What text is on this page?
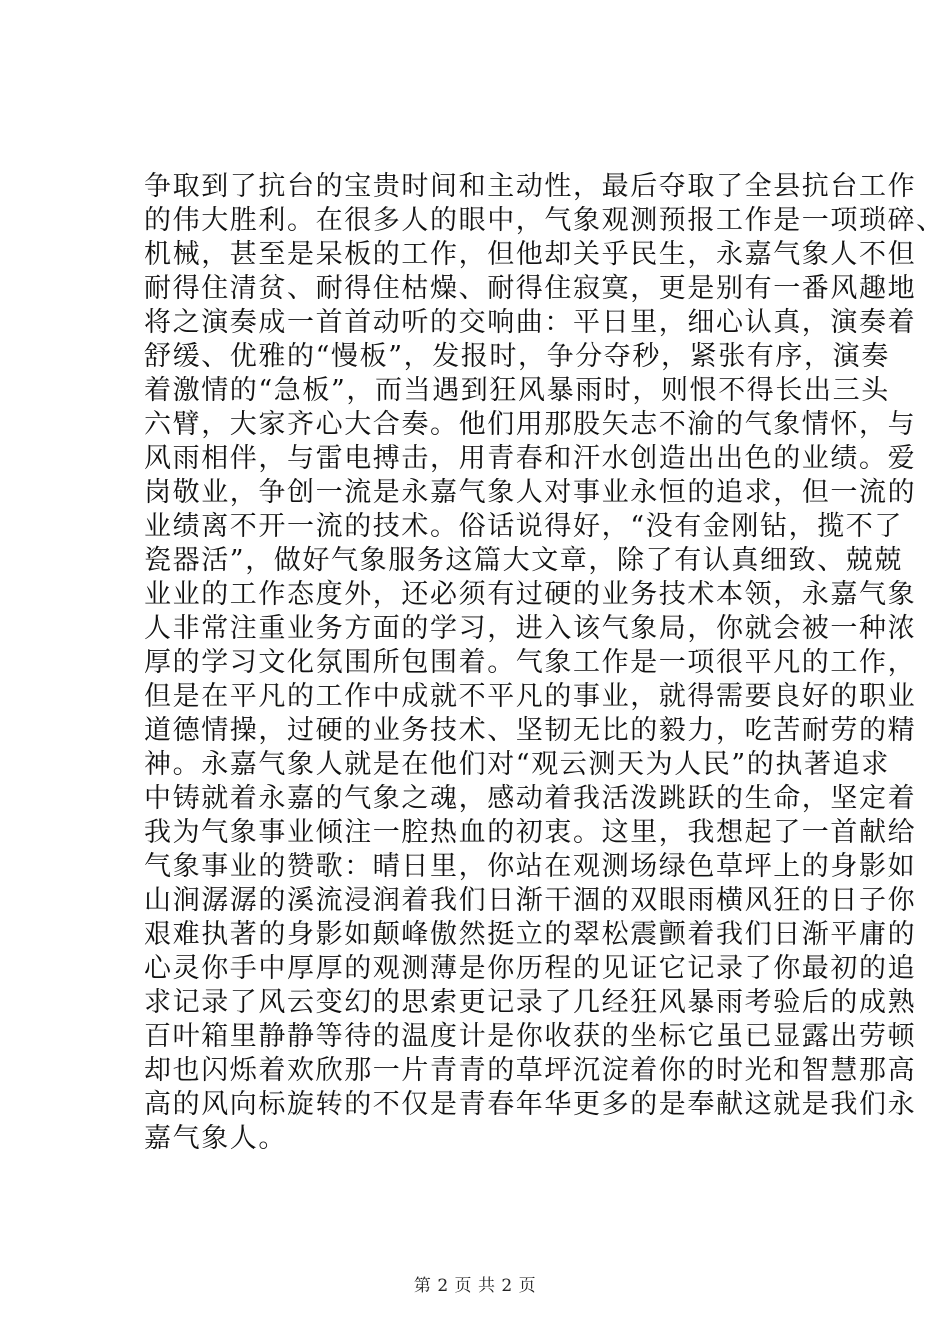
争取到了抗台的宝贵时间和主动性，最后夺取了全县抗台工作
的伟大胜利。在很多人的眼中，气象观测预报工作是一项琐碎、
机械，甚至是呆板的工作，但他却关乎民生，永嘉气象人不但
耐得住清贫、耐得住枯燥、耐得住寂寞，更是别有一番风趣地
将之演奏成一首首动听的交响曲：平日里，细心认真，演奏着
舒缓、优雅的“慢板”，发报时，争分夺秒，紧张有序，演奏
着激情的“急板”，而当遇到狂风暴雨时，则恨不得长出三头
六臂，大家齐心大合奏。他们用那股矢志不渝的气象情怀，与
风雨相伴，与雷电搏击，用青春和汗水创造出出色的业绩。爱
岗敬业，争创一流是永嘉气象人对事业永恒的追求，但一流的
业绩离不开一流的技术。俗话说得好，“没有金刚钻，揽不了
瓷器活”，做好气象服务这篇大文章，除了有认真细致、兢兢
业业的工作态度外，还必须有过硬的业务技术本领，永嘉气象
人非常注重业务方面的学习，进入该气象局，你就会被一种浓
厚的学习文化氛围所包围着。气象工作是一项很平凡的工作，
但是在平凡的工作中成就不平凡的事业，就得需要良好的职业
道德情操，过硬的业务技术、坚韧无比的毅力，吃苦耐劳的精
神。永嘉气象人就是在他们对“观云测天为人民”的执著追求
中铸就着永嘉的气象之魂，感动着我活泼跳跃的生命，坚定着
我为气象事业倾注一腔热血的初衷。这里，我想起了一首献给
气象事业的赞歌：晴日里，你站在观测场绿色草坪上的身影如
山涧潺潺的溪流浸润着我们日渐干涸的双眼雨横风狂的日子你
艰难执著的身影如颠峰傲然挺立的翠松震颤着我们日渐平庸的
心灵你手中厚厚的观测薄是你历程的见证它记录了你最初的追
求记录了风云变幻的思索更记录了几经狂风暴雨考验后的成熟
百叶箱里静静等待的温度计是你收获的坐标它虽已显露出劳顿
却也闪烁着欢欣那一片青青的草坪沉淀着你的时光和智慧那高
高的风向标旋转的不仅是青春年华更多的是奉献这就是我们永
嘉气象人。
第 2 页 共 2 页
